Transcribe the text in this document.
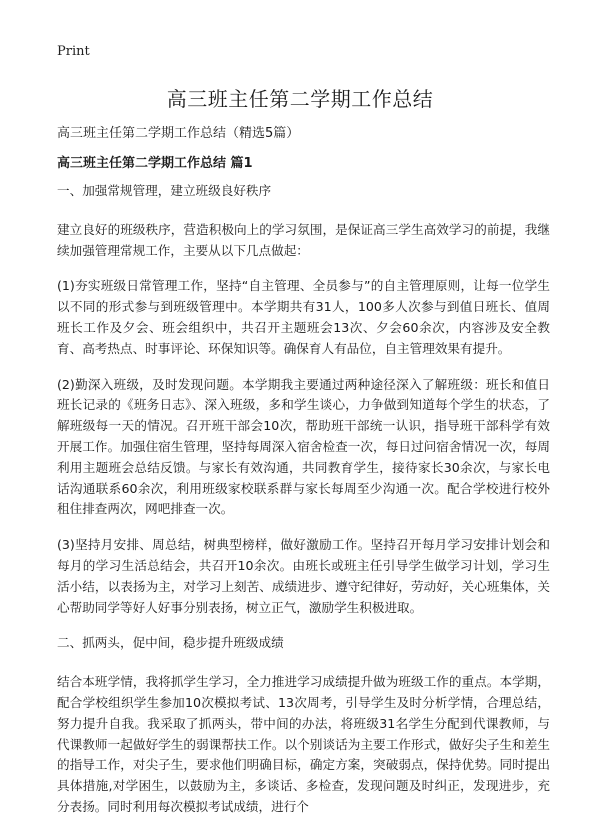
Print
高三班主任第二学期工作总结

高三班主任第二学期工作总结（精选5篇）

高三班主任第二学期工作总结 篇1

一、加强常规管理，建立班级良好秩序

建立良好的班级秩序，营造积极向上的学习氛围，是保证高三学生高效学习的前提，我继续加强管理常规工作，主要从以下几点做起：

(1)夯实班级日常管理工作，坚持“自主管理、全员参与”的自主管理原则，让每一位学生以不同的形式参与到班级管理中。本学期共有31人，100多人次参与到值日班长、值周班长工作及夕会、班会组织中，共召开主题班会13次、夕会60余次，内容涉及安全教育、高考热点、时事评论、环保知识等。确保育人有品位，自主管理效果有提升。

(2)勤深入班级，及时发现问题。本学期我主要通过两种途径深入了解班级：班长和值日班长记录的《班务日志》、深入班级，多和学生谈心，力争做到知道每个学生的状态，了解班级每一天的情况。召开班干部会10次，帮助班干部统一认识，指导班干部科学有效开展工作。加强住宿生管理，坚持每周深入宿舍检查一次，每日过问宿舍情况一次，每周利用主题班会总结反馈。与家长有效沟通，共同教育学生，接待家长30余次，与家长电话沟通联系60余次，利用班级家校联系群与家长每周至少沟通一次。配合学校进行校外租住排查两次，网吧排查一次。

(3)坚持月安排、周总结，树典型榜样，做好激励工作。坚持召开每月学习安排计划会和每月的学习生活总结会，共召开10余次。由班长或班主任引导学生做学习计划，学习生活小结，以表扬为主，对学习上刻苦、成绩进步、遵守纪律好，劳动好，关心班集体，关心帮助同学等好人好事分别表扬，树立正气，激励学生积极进取。

二、抓两头，促中间，稳步提升班级成绩

结合本班学情，我将抓学生学习，全力推进学习成绩提升做为班级工作的重点。本学期，配合学校组织学生参加10次模拟考试、13次周考，引导学生及时分析学情，合理总结，努力提升自我。我采取了抓两头，带中间的办法，将班级31名学生分配到代课教师，与代课教师一起做好学生的弱课帮扶工作。以个别谈话为主要工作形式，做好尖子生和差生的指导工作，对尖子生，要求他们明确目标，确定方案，突破弱点，保持优势。同时提出具体措施,对学困生，以鼓励为主，多谈话、多检查，发现问题及时纠正，发现进步，充分表扬。同时利用每次模拟考试成绩，进行个
